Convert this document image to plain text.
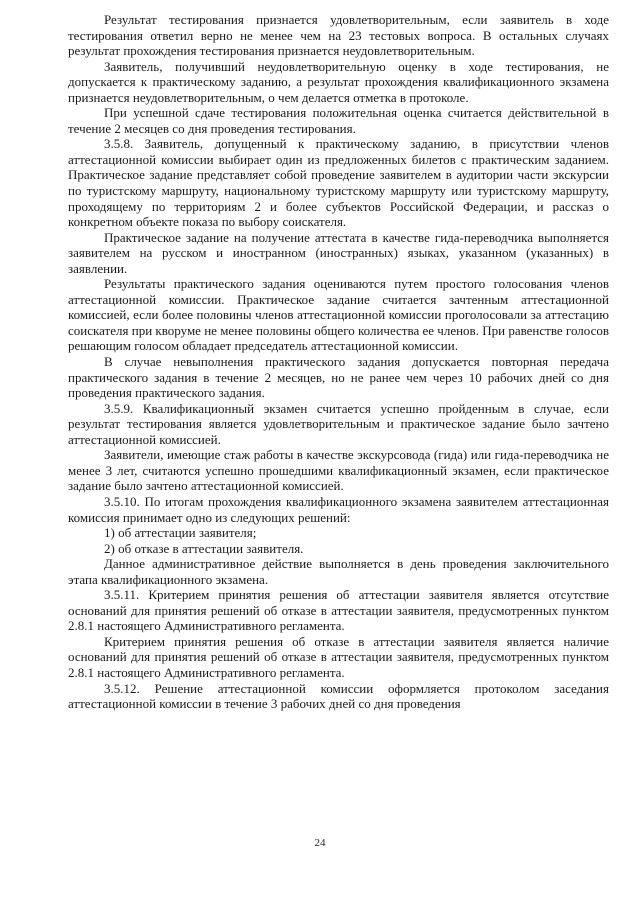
Результат тестирования признается удовлетворительным, если заявитель в ходе тестирования ответил верно не менее чем на 23 тестовых вопроса. В остальных случаях результат прохождения тестирования признается неудовлетворительным.

Заявитель, получивший неудовлетворительную оценку в ходе тестирования, не допускается к практическому заданию, а результат прохождения квалификационного экзамена признается неудовлетворительным, о чем делается отметка в протоколе.

При успешной сдаче тестирования положительная оценка считается действительной в течение 2 месяцев со дня проведения тестирования.

3.5.8. Заявитель, допущенный к практическому заданию, в присутствии членов аттестационной комиссии выбирает один из предложенных билетов с практическим заданием. Практическое задание представляет собой проведение заявителем в аудитории части экскурсии по туристскому маршруту, национальному туристскому маршруту или туристскому маршруту, проходящему по территориям 2 и более субъектов Российской Федерации, и рассказ о конкретном объекте показа по выбору соискателя.

Практическое задание на получение аттестата в качестве гида-переводчика выполняется заявителем на русском и иностранном (иностранных) языках, указанном (указанных) в заявлении.

Результаты практического задания оцениваются путем простого голосования членов аттестационной комиссии. Практическое задание считается зачтенным аттестационной комиссией, если более половины членов аттестационной комиссии проголосовали за аттестацию соискателя при кворуме не менее половины общего количества ее членов. При равенстве голосов решающим голосом обладает председатель аттестационной комиссии.

В случае невыполнения практического задания допускается повторная передача практического задания в течение 2 месяцев, но не ранее чем через 10 рабочих дней со дня проведения практического задания.

3.5.9. Квалификационный экзамен считается успешно пройденным в случае, если результат тестирования является удовлетворительным и практическое задание было зачтено аттестационной комиссией.

Заявители, имеющие стаж работы в качестве экскурсовода (гида) или гида-переводчика не менее 3 лет, считаются успешно прошедшими квалификационный экзамен, если практическое задание было зачтено аттестационной комиссией.

3.5.10. По итогам прохождения квалификационного экзамена заявителем аттестационная комиссия принимает одно из следующих решений:

1) об аттестации заявителя;

2) об отказе в аттестации заявителя.

Данное административное действие выполняется в день проведения заключительного этапа квалификационного экзамена.

3.5.11. Критерием принятия решения об аттестации заявителя является отсутствие оснований для принятия решений об отказе в аттестации заявителя, предусмотренных пунктом 2.8.1 настоящего Административного регламента.

Критерием принятия решения об отказе в аттестации заявителя является наличие оснований для принятия решений об отказе в аттестации заявителя, предусмотренных пунктом 2.8.1 настоящего Административного регламента.

3.5.12. Решение аттестационной комиссии оформляется протоколом заседания аттестационной комиссии в течение 3 рабочих дней со дня проведения

24
